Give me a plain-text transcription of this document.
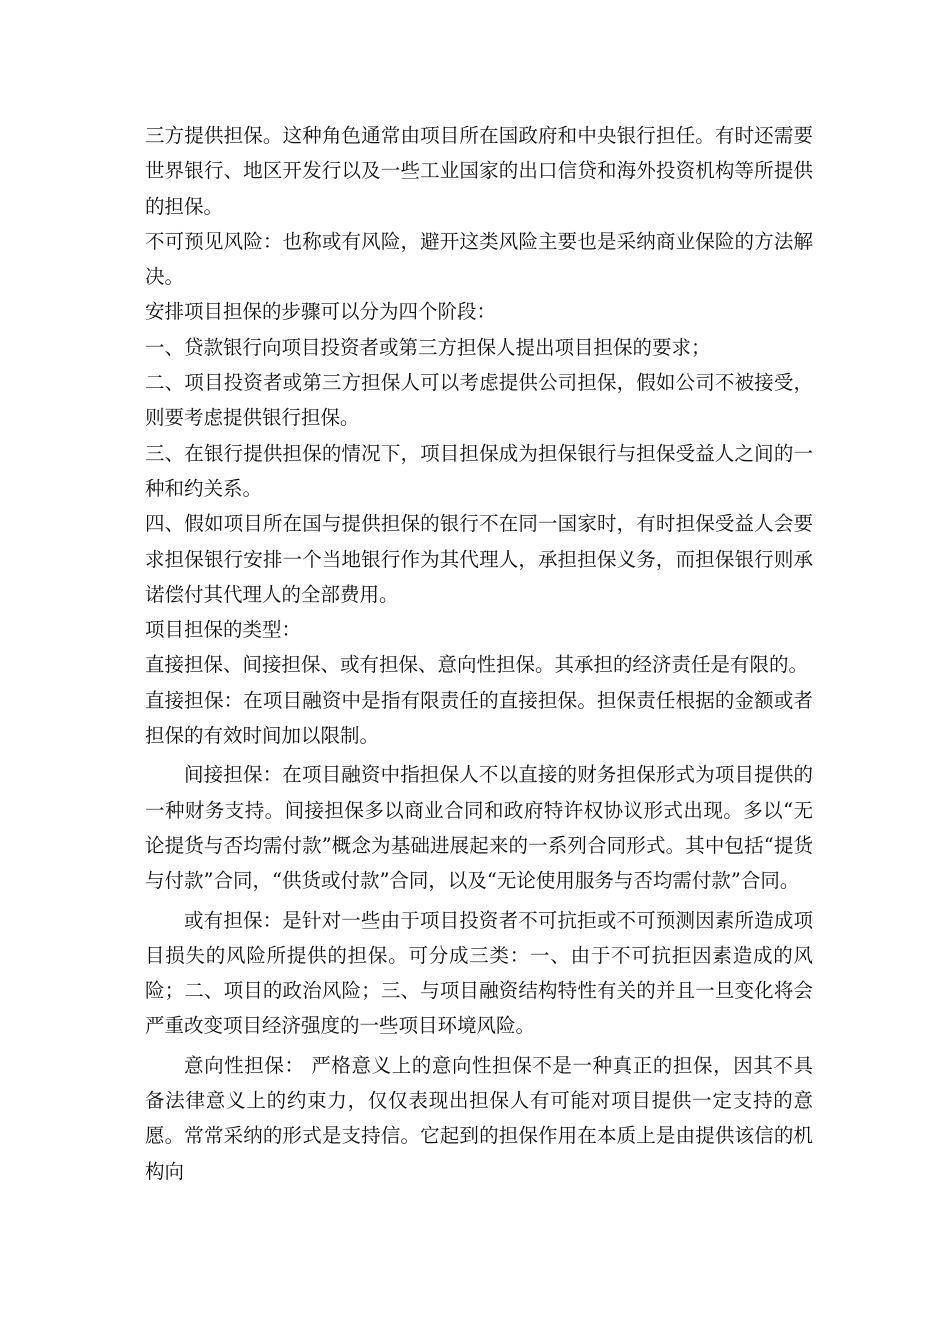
三方提供担保。这种角色通常由项目所在国政府和中央银行担任。有时还需要世界银行、地区开发行以及一些工业国家的出口信贷和海外投资机构等所提供的担保。

不可预见风险：也称或有风险，避开这类风险主要也是采纳商业保险的方法解决。

安排项目担保的步骤可以分为四个阶段：

一、贷款银行向项目投资者或第三方担保人提出项目担保的要求；

二、项目投资者或第三方担保人可以考虑提供公司担保，假如公司不被接受，则要考虑提供银行担保。

三、在银行提供担保的情况下，项目担保成为担保银行与担保受益人之间的一种和约关系。

四、假如项目所在国与提供担保的银行不在同一国家时，有时担保受益人会要求担保银行安排一个当地银行作为其代理人，承担担保义务，而担保银行则承诺偿付其代理人的全部费用。

项目担保的类型：

直接担保、间接担保、或有担保、意向性担保。其承担的经济责任是有限的。

直接担保：在项目融资中是指有限责任的直接担保。担保责任根据的金额或者担保的有效时间加以限制。

间接担保：在项目融资中指担保人不以直接的财务担保形式为项目提供的一种财务支持。间接担保多以商业合同和政府特许权协议形式出现。多以“无论提货与否均需付款”概念为基础进展起来的一系列合同形式。其中包括“提货与付款”合同，“供货或付款”合同，以及“无论使用服务与否均需付款”合同。

或有担保：是针对一些由于项目投资者不可抗拒或不可预测因素所造成项目损失的风险所提供的担保。可分成三类：一、由于不可抗拒因素造成的风险；二、项目的政治风险；三、与项目融资结构特性有关的并且一旦变化将会严重改变项目经济强度的一些项目环境风险。

意向性担保： 严格意义上的意向性担保不是一种真正的担保，因其不具备法律意义上的约束力，仅仅表现出担保人有可能对项目提供一定支持的意愿。常常采纳的形式是支持信。它起到的担保作用在本质上是由提供该信的机构向
